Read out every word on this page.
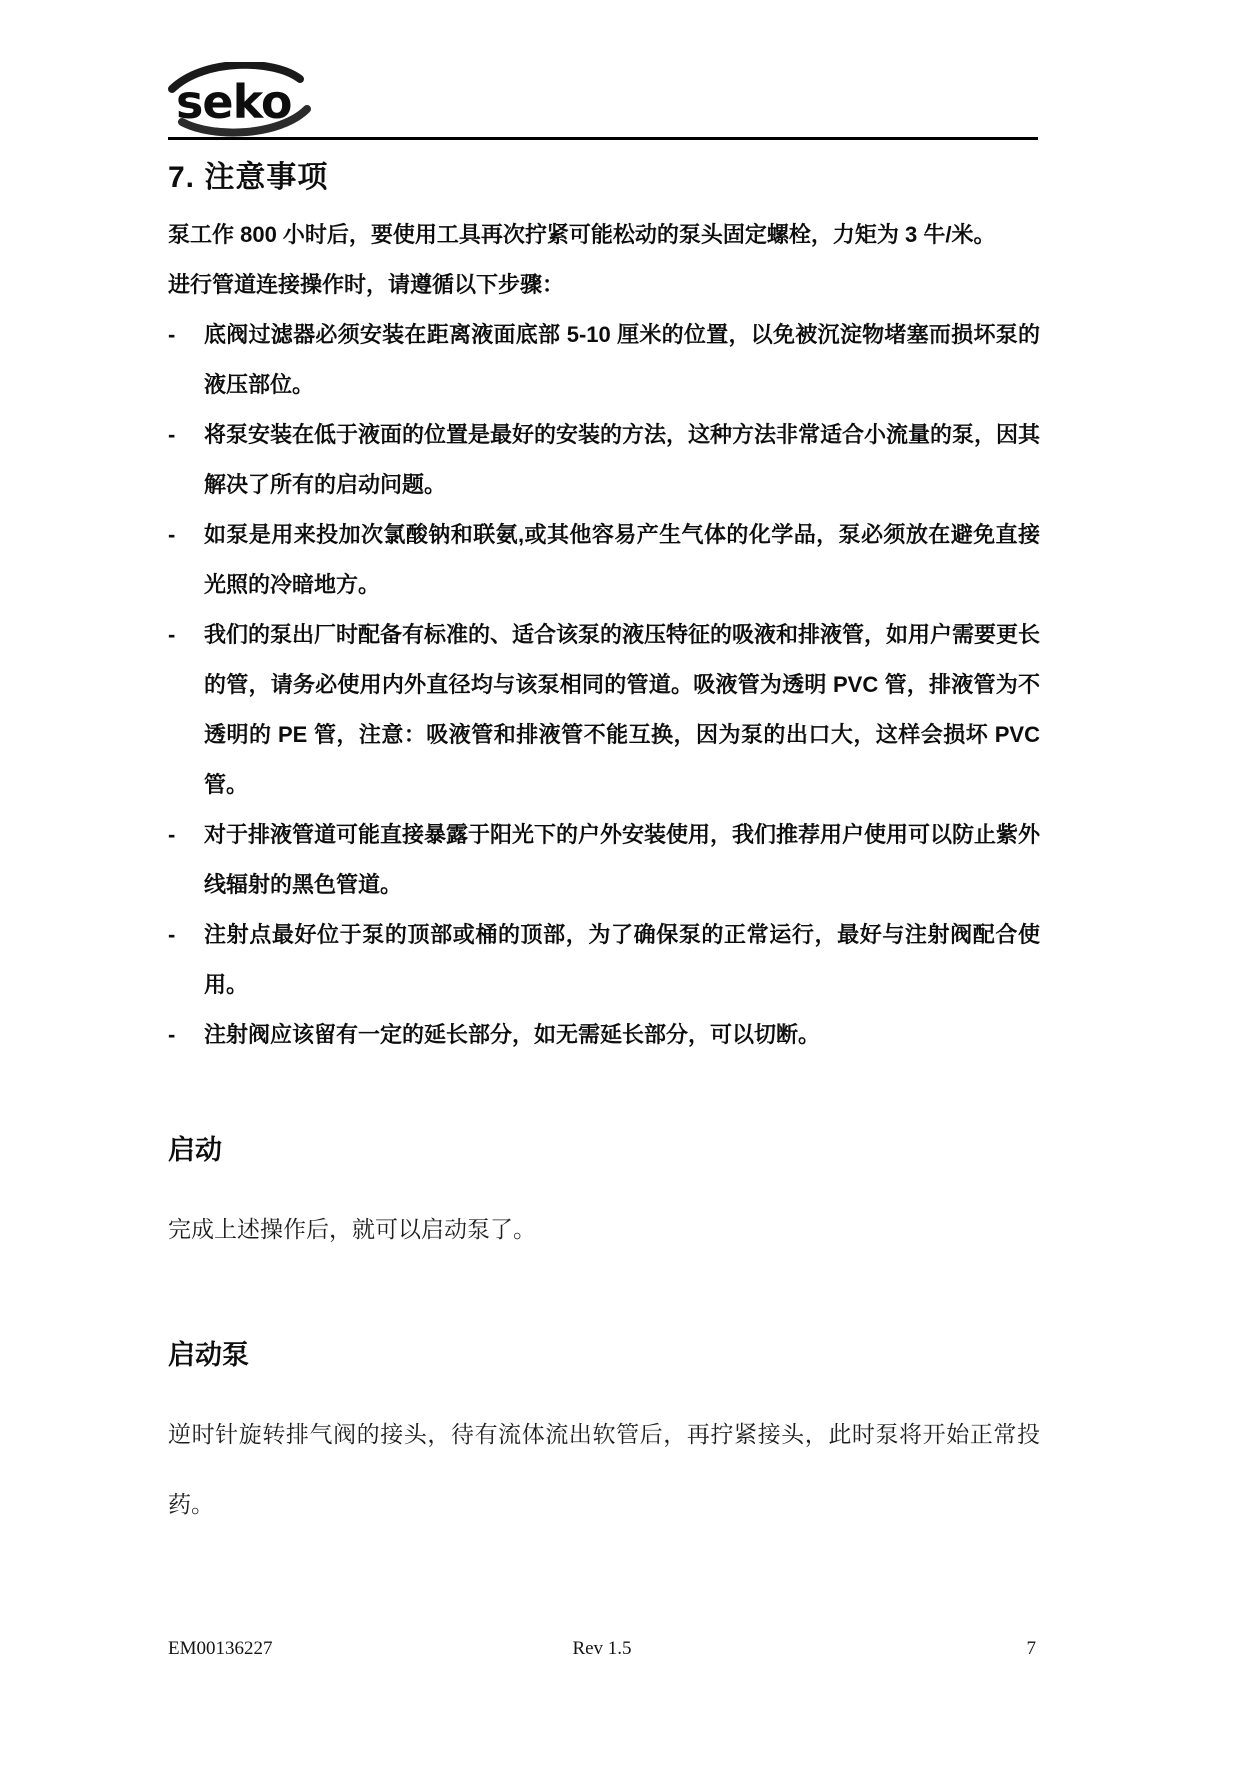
seko
7. 注意事项

泵工作 800 小时后，要使用工具再次拧紧可能松动的泵头固定螺栓，力矩为 3 牛/米。

进行管道连接操作时，请遵循以下步骤：

-	底阀过滤器必须安装在距离液面底部 5-10 厘米的位置，以免被沉淀物堵塞而损坏泵的液压部位。
-	将泵安装在低于液面的位置是最好的安装的方法，这种方法非常适合小流量的泵，因其解决了所有的启动问题。
-	如泵是用来投加次氯酸钠和联氨,或其他容易产生气体的化学品，泵必须放在避免直接光照的冷暗地方。
-	我们的泵出厂时配备有标准的、适合该泵的液压特征的吸液和排液管，如用户需要更长的管，请务必使用内外直径均与该泵相同的管道。吸液管为透明 PVC 管，排液管为不透明的 PE 管，注意：吸液管和排液管不能互换，因为泵的出口大，这样会损坏 PVC 管。
-	对于排液管道可能直接暴露于阳光下的户外安装使用，我们推荐用户使用可以防止紫外线辐射的黑色管道。
-	注射点最好位于泵的顶部或桶的顶部，为了确保泵的正常运行，最好与注射阀配合使用。
-	注射阀应该留有一定的延长部分，如无需延长部分，可以切断。
启动

完成上述操作后，就可以启动泵了。

启动泵

逆时针旋转排气阀的接头，待有流体流出软管后，再拧紧接头，此时泵将开始正常投药。

EM00136227	Rev 1.5	7
